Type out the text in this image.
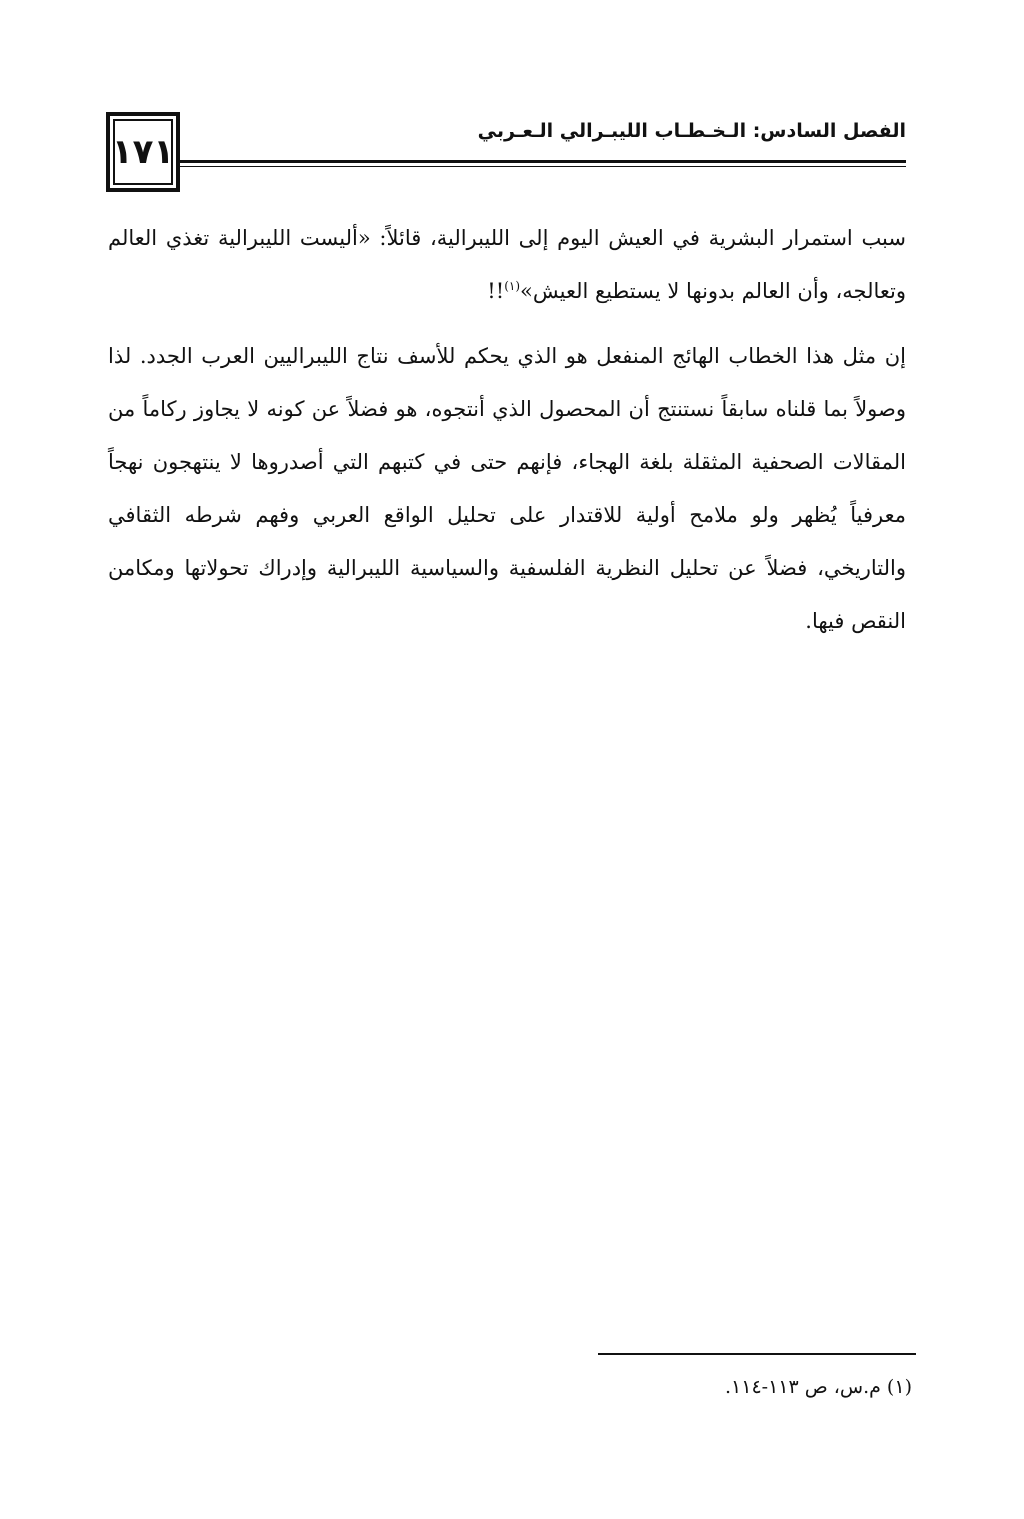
١٧١
الفصل السادس: الـخـطـاب الليبـرالي الـعـربي

سبب استمرار البشرية في العيش اليوم إلى الليبرالية، قائلاً: «أليست الليبرالية تغذي العالم وتعالجه، وأن العالم بدونها لا يستطيع العيش»$^{(١)}$!!

إن مثل هذا الخطاب الهائج المنفعل هو الذي يحكم للأسف نتاج الليبراليين العرب الجدد. لذا وصولاً بما قلناه سابقاً نستنتج أن المحصول الذي أنتجوه، هو فضلاً عن كونه لا يجاوز ركاماً من المقالات الصحفية المثقلة بلغة الهجاء، فإنهم حتى في كتبهم التي أصدروها لا ينتهجون نهجاً معرفياً يُظهر ولو ملامح أولية للاقتدار على تحليل الواقع العربي وفهم شرطه الثقافي والتاريخي، فضلاً عن تحليل النظرية الفلسفية والسياسية الليبرالية وإدراك تحولاتها ومكامن النقص فيها.

(١) م.س، ص ١١٣-١١٤.
